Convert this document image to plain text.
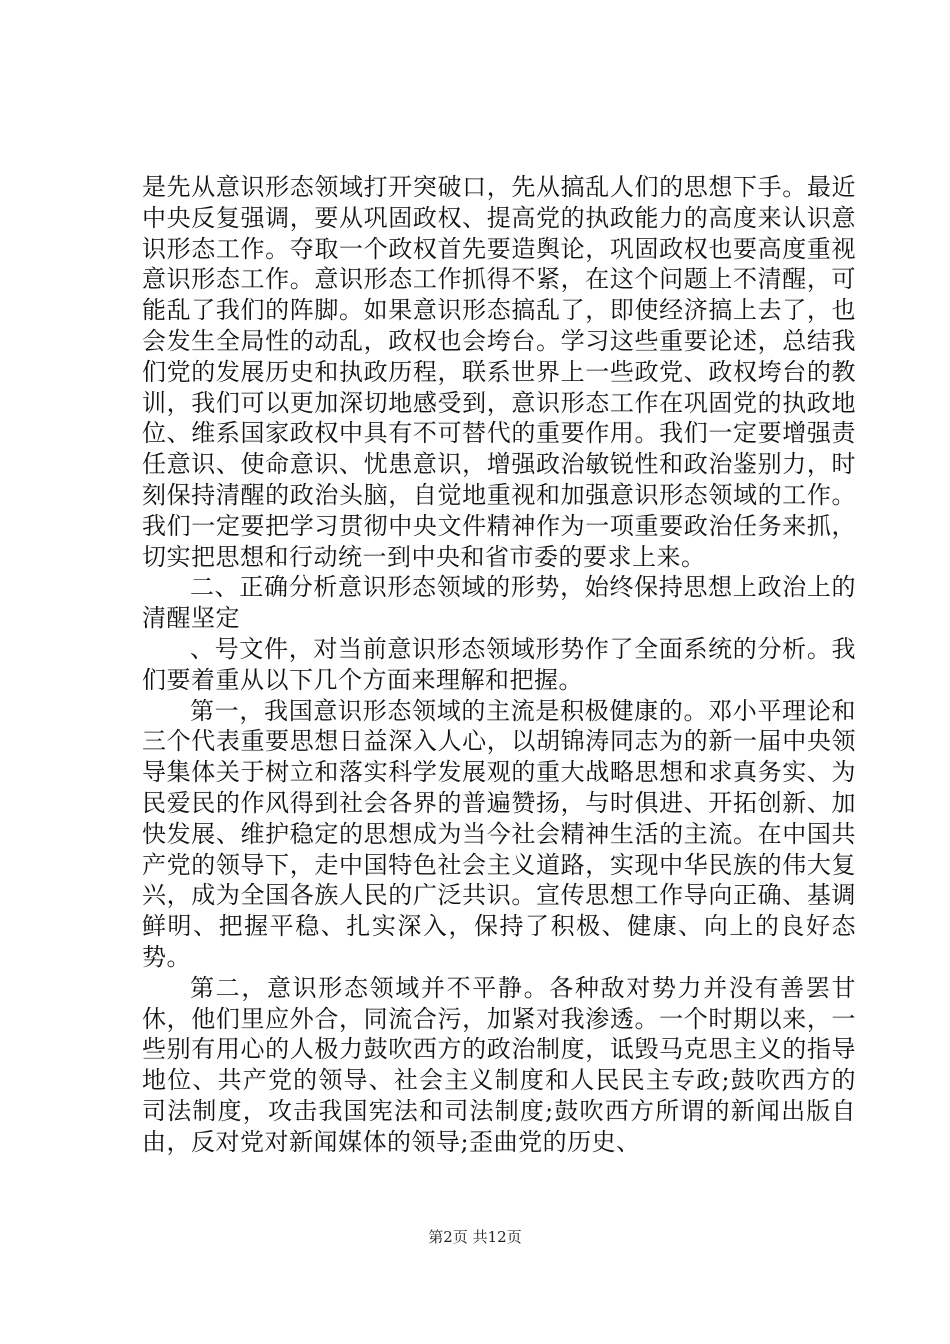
是先从意识形态领域打开突破口，先从搞乱人们的思想下手。最近中央反复强调，要从巩固政权、提高党的执政能力的高度来认识意识形态工作。夺取一个政权首先要造舆论，巩固政权也要高度重视意识形态工作。意识形态工作抓得不紧，在这个问题上不清醒，可能乱了我们的阵脚。如果意识形态搞乱了，即使经济搞上去了，也会发生全局性的动乱，政权也会垮台。学习这些重要论述，总结我们党的发展历史和执政历程，联系世界上一些政党、政权垮台的教训，我们可以更加深切地感受到，意识形态工作在巩固党的执政地位、维系国家政权中具有不可替代的重要作用。我们一定要增强责任意识、使命意识、忧患意识，增强政治敏锐性和政治鉴别力，时刻保持清醒的政治头脑，自觉地重视和加强意识形态领域的工作。我们一定要把学习贯彻中央文件精神作为一项重要政治任务来抓，切实把思想和行动统一到中央和省市委的要求上来。

二、正确分析意识形态领域的形势，始终保持思想上政治上的清醒坚定

、号文件，对当前意识形态领域形势作了全面系统的分析。我们要着重从以下几个方面来理解和把握。

第一，我国意识形态领域的主流是积极健康的。邓小平理论和三个代表重要思想日益深入人心，以胡锦涛同志为的新一届中央领导集体关于树立和落实科学发展观的重大战略思想和求真务实、为民爱民的作风得到社会各界的普遍赞扬，与时俱进、开拓创新、加快发展、维护稳定的思想成为当今社会精神生活的主流。在中国共产党的领导下，走中国特色社会主义道路，实现中华民族的伟大复兴，成为全国各族人民的广泛共识。宣传思想工作导向正确、基调鲜明、把握平稳、扎实深入，保持了积极、健康、向上的良好态势。

第二，意识形态领域并不平静。各种敌对势力并没有善罢甘休，他们里应外合，同流合污，加紧对我渗透。一个时期以来，一些别有用心的人极力鼓吹西方的政治制度，诋毁马克思主义的指导地位、共产党的领导、社会主义制度和人民民主专政;鼓吹西方的司法制度，攻击我国宪法和司法制度;鼓吹西方所谓的新闻出版自由，反对党对新闻媒体的领导;歪曲党的历史、

第2页 共12页
